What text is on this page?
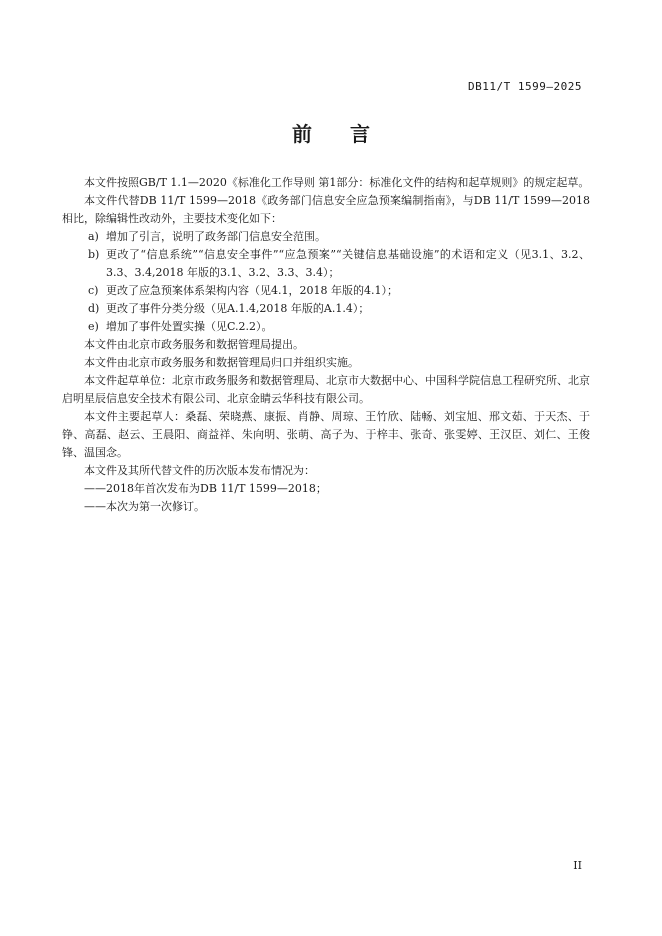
DB11/T 1599—2025
前 言

本文件按照GB/T 1.1—2020《标准化工作导则 第1部分：标准化文件的结构和起草规则》的规定起草。

本文件代替DB 11/T 1599—2018《政务部门信息安全应急预案编制指南》，与DB 11/T 1599—2018相比，除编辑性改动外，主要技术变化如下：

a) 增加了引言，说明了政务部门信息安全范围。

b) 更改了“信息系统”“信息安全事件”“应急预案”“关键信息基础设施”的术语和定义（见3.1、3.2、3.3、3.4,2018 年版的3.1、3.2、3.3、3.4）；

c) 更改了应急预案体系架构内容（见4.1，2018 年版的4.1）；

d) 更改了事件分类分级（见A.1.4,2018 年版的A.1.4）；

e) 增加了事件处置实操（见C.2.2）。

本文件由北京市政务服务和数据管理局提出。

本文件由北京市政务服务和数据管理局归口并组织实施。

本文件起草单位：北京市政务服务和数据管理局、北京市大数据中心、中国科学院信息工程研究所、北京启明星辰信息安全技术有限公司、北京金睛云华科技有限公司。

本文件主要起草人：桑磊、荣晓燕、康振、肖静、周琼、王竹欣、陆畅、刘宝旭、邢文茹、于天杰、于铮、高磊、赵云、王晨阳、商益祥、朱向明、张萌、高子为、于梓丰、张奇、张雯婷、王汉臣、刘仁、王俊锋、温国念。

本文件及其所代替文件的历次版本发布情况为：

——2018年首次发布为DB 11/T 1599—2018；

——本次为第一次修订。

II
